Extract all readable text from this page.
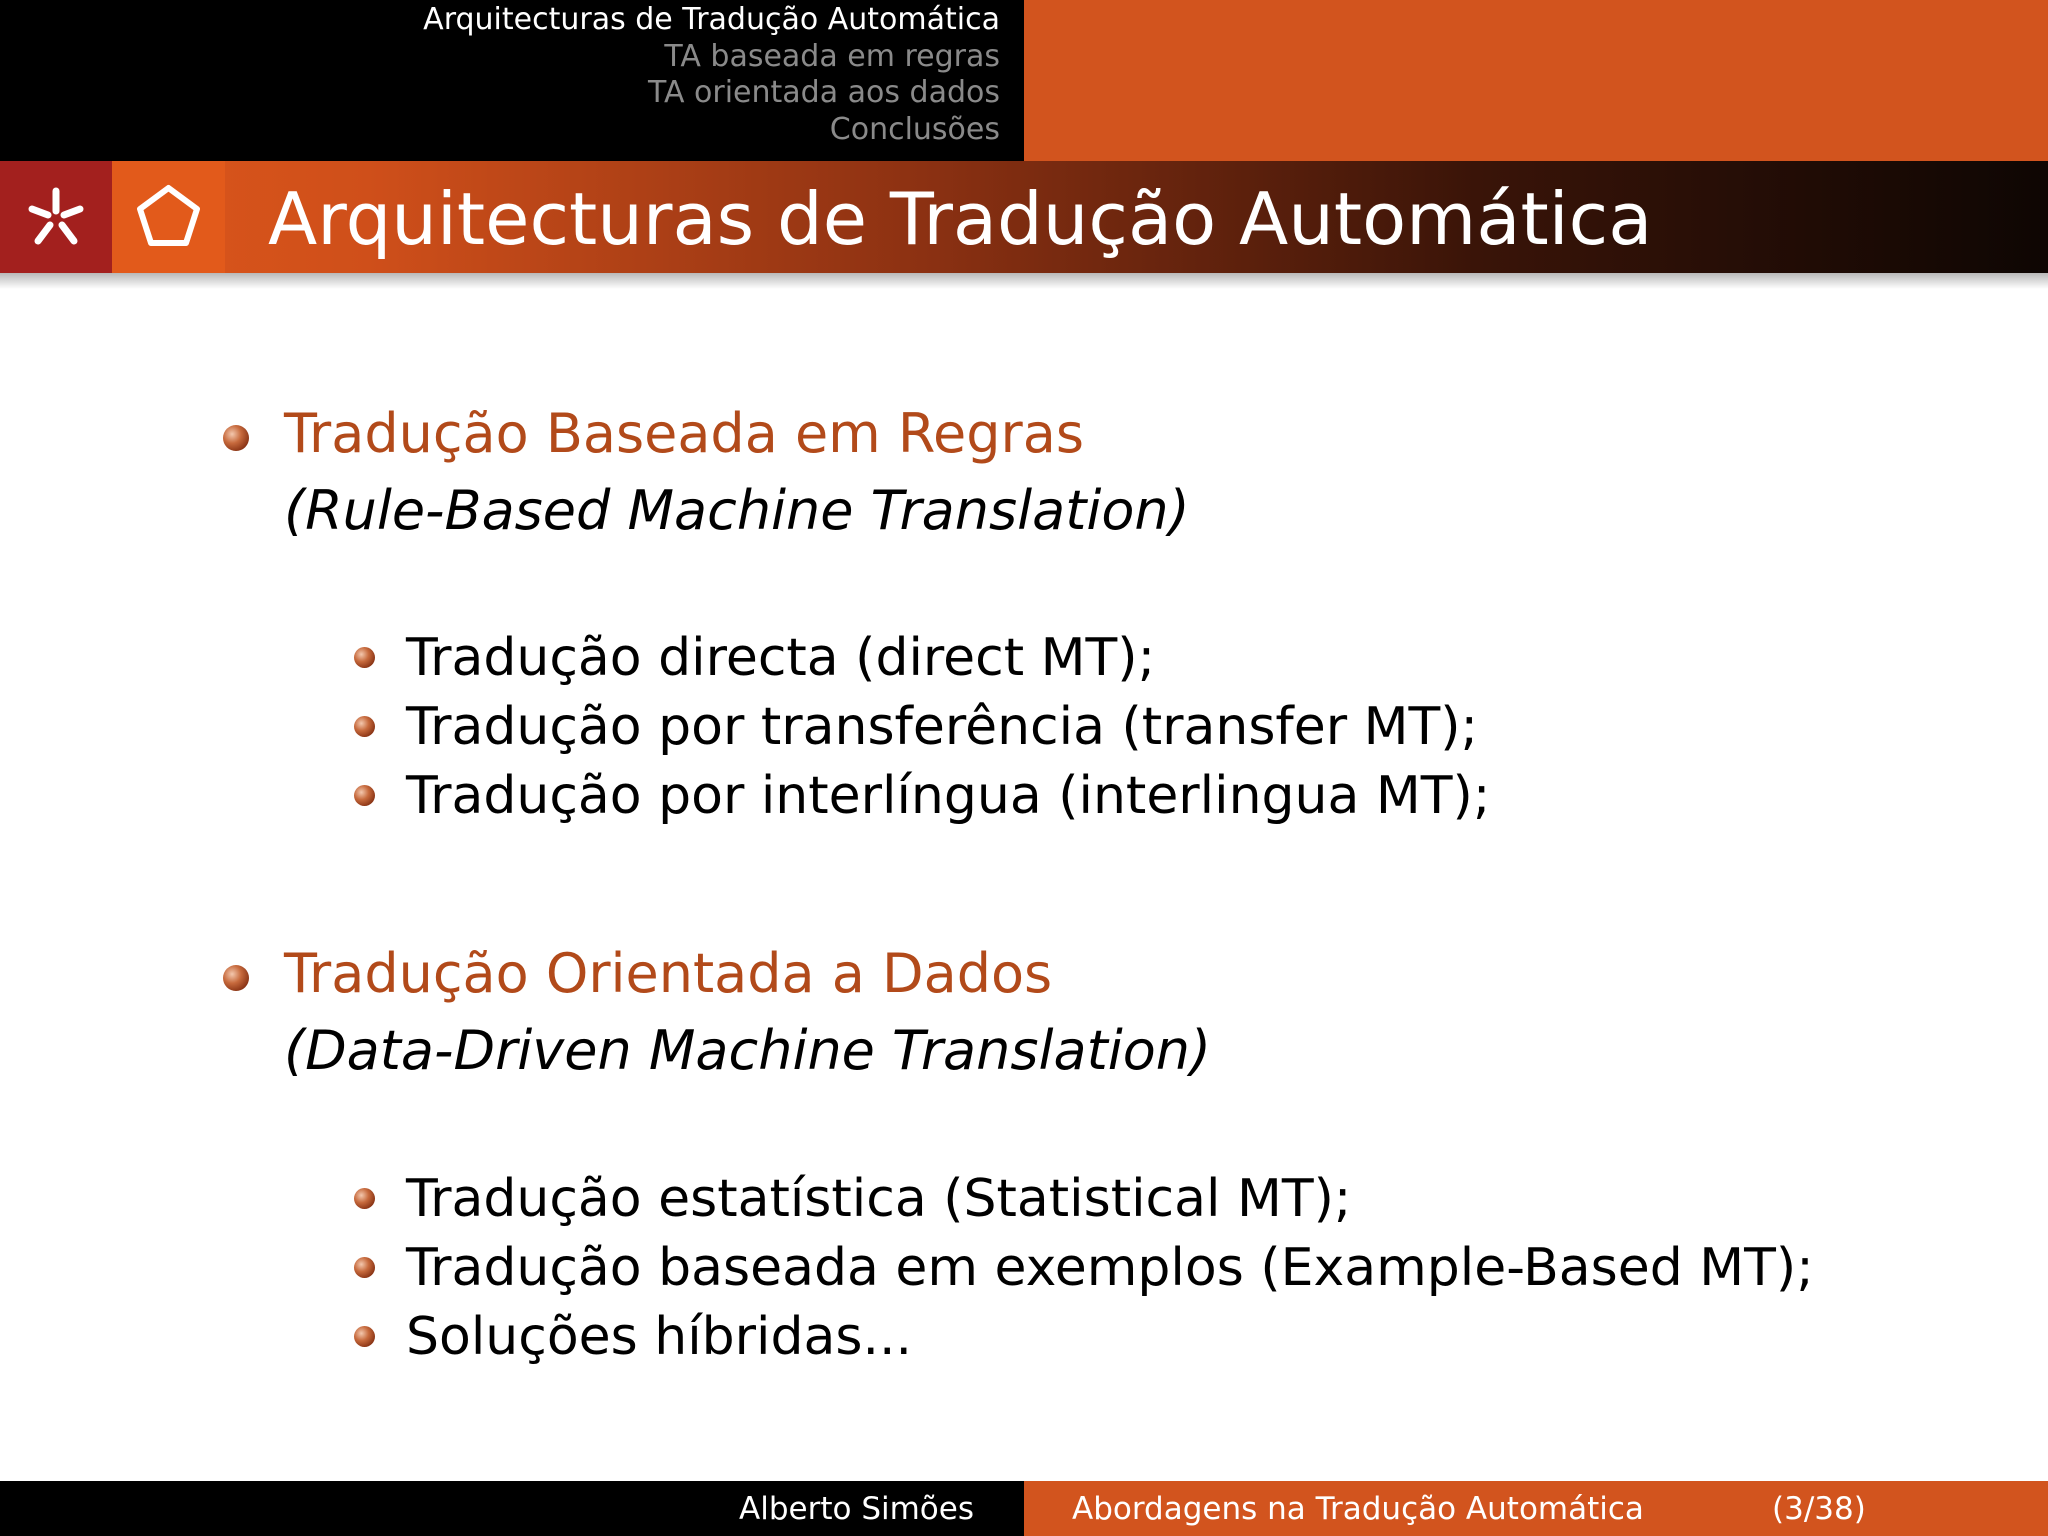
Arquitecturas de Tradução Automática
TA baseada em regras
TA orientada aos dados
Conclusões
Arquitecturas de Tradução Automática
Tradução Baseada em Regras
(Rule-Based Machine Translation)
Tradução directa (direct MT);
Tradução por transferência (transfer MT);
Tradução por interlíngua (interlingua MT);
Tradução Orientada a Dados
(Data-Driven Machine Translation)
Tradução estatística (Statistical MT);
Tradução baseada em exemplos (Example-Based MT);
Soluções híbridas...
Alberto Simões	Abordagens na Tradução Automática	(3/38)
